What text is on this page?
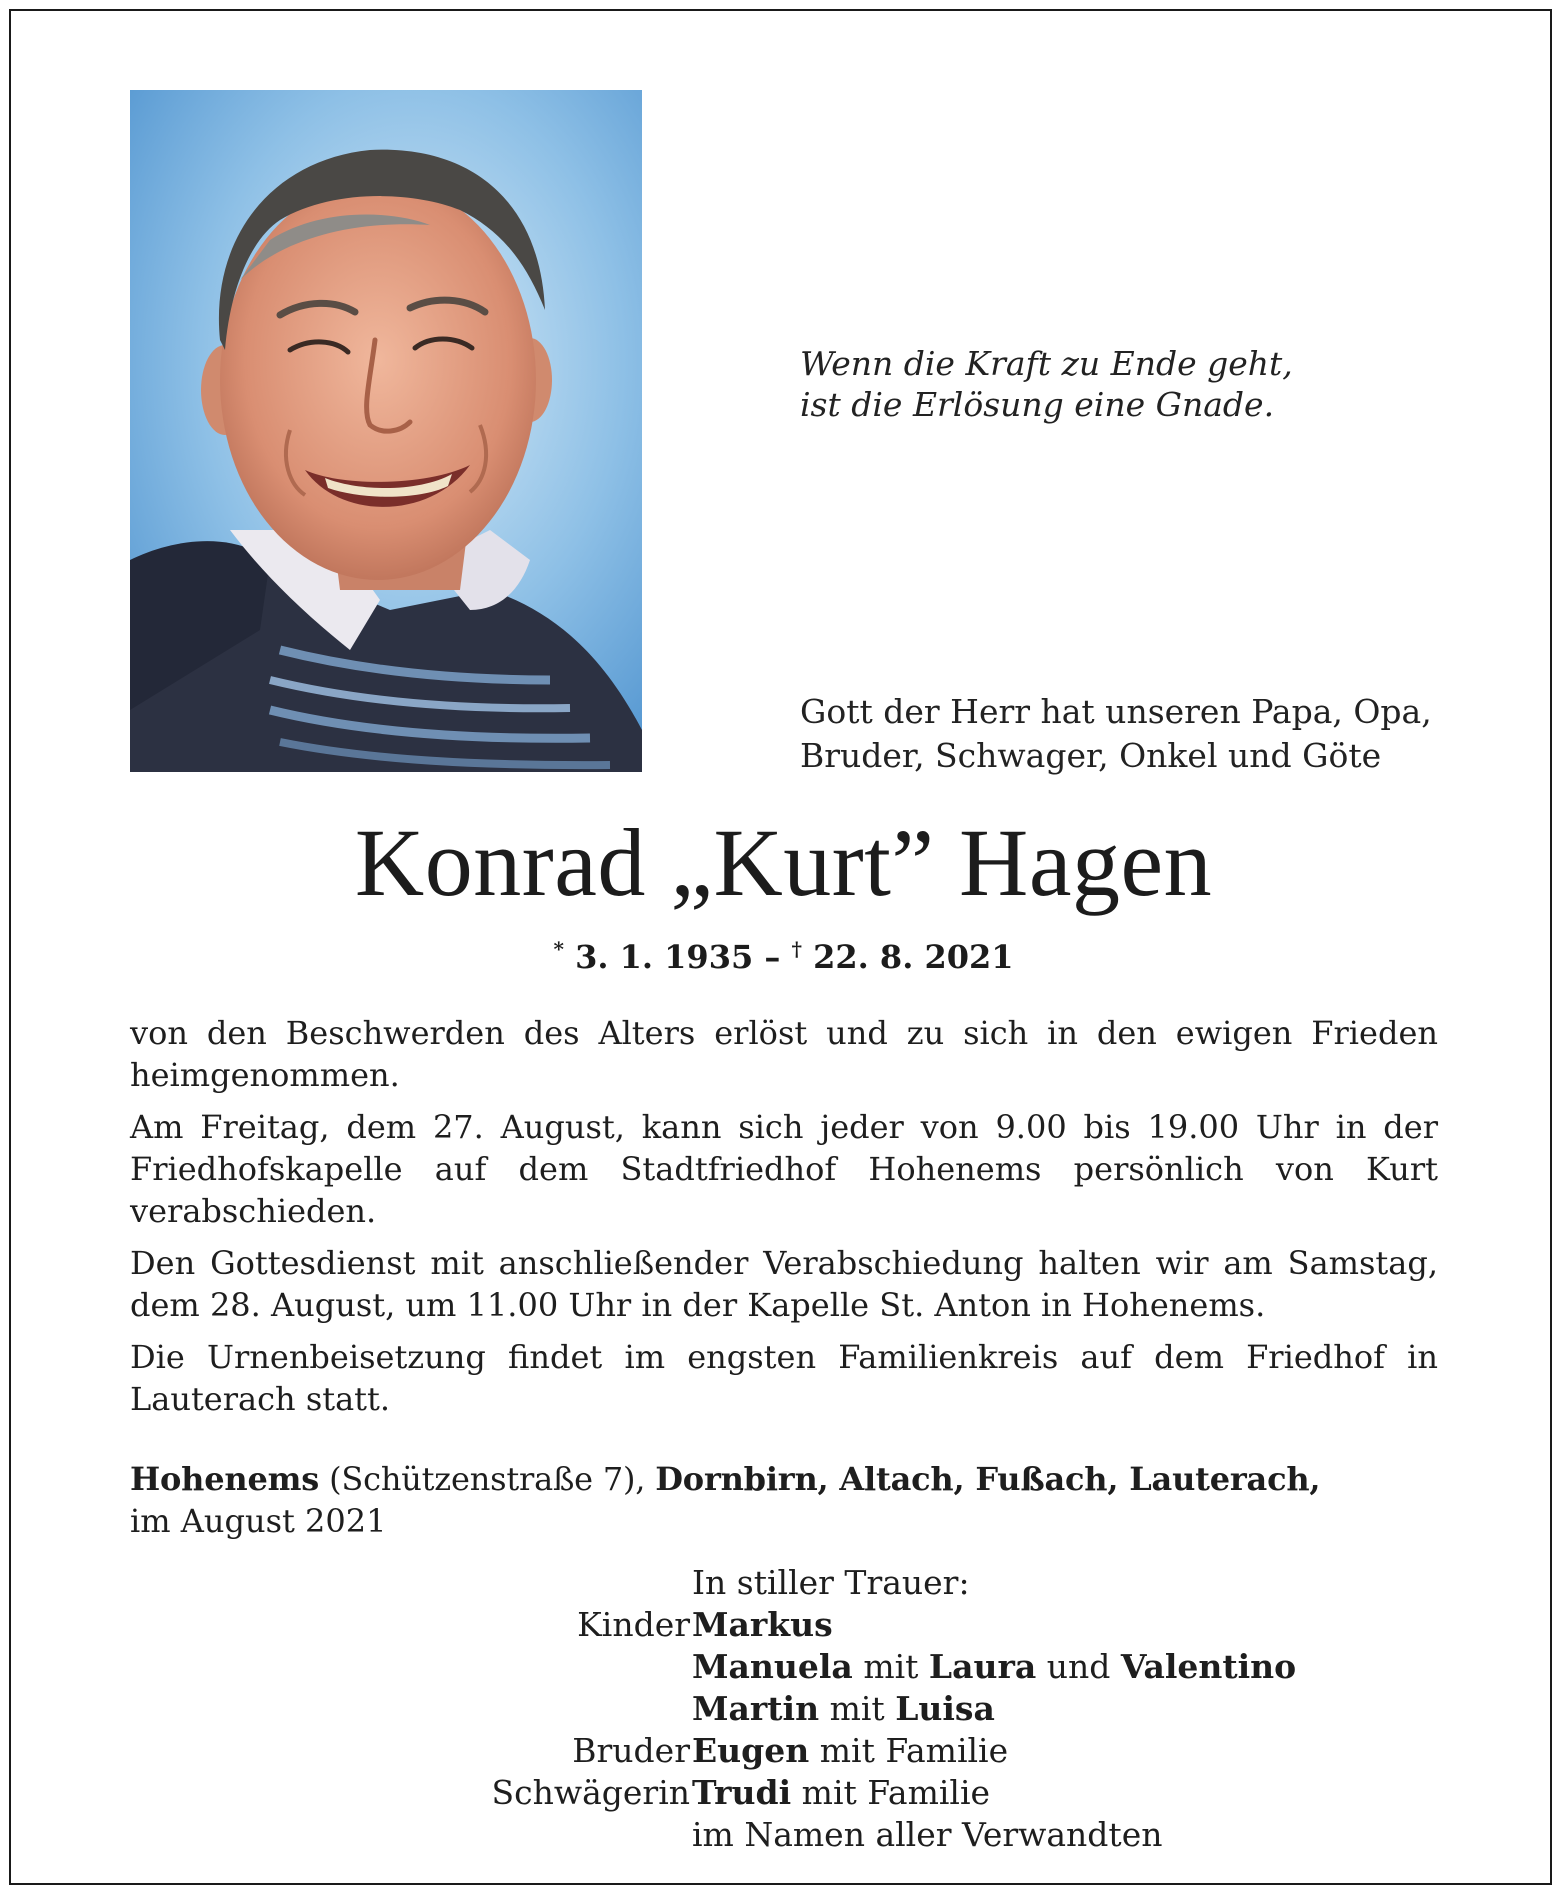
Wenn die Kraft zu Ende geht,
ist die Erlösung eine Gnade.
Gott der Herr hat unseren Papa, Opa,
Bruder, Schwager, Onkel und Göte
Konrad „Kurt” Hagen
* 3. 1. 1935 – † 22. 8. 2021

von den Beschwerden des Alters erlöst und zu sich in den ewigen Frieden heimgenommen.

Am Freitag, dem 27. August, kann sich jeder von 9.00 bis 19.00 Uhr in der Friedhofskapelle auf dem Stadtfriedhof Hohenems persönlich von Kurt verabschieden.

Den Gottesdienst mit anschließender Verabschiedung halten wir am Samstag, dem 28. August, um 11.00 Uhr in der Kapelle St. Anton in Hohenems.

Die Urnenbeisetzung findet im engsten Familienkreis auf dem Friedhof in Lauterach statt.

Hohenems (Schützenstraße 7), Dornbirn, Altach, Fußach, Lauterach,
im August 2021
In stiller Trauer:
Kinder Markus
Manuela mit Laura und Valentino
Martin mit Luisa
Bruder Eugen mit Familie
Schwägerin Trudi mit Familie
im Namen aller Verwandten
